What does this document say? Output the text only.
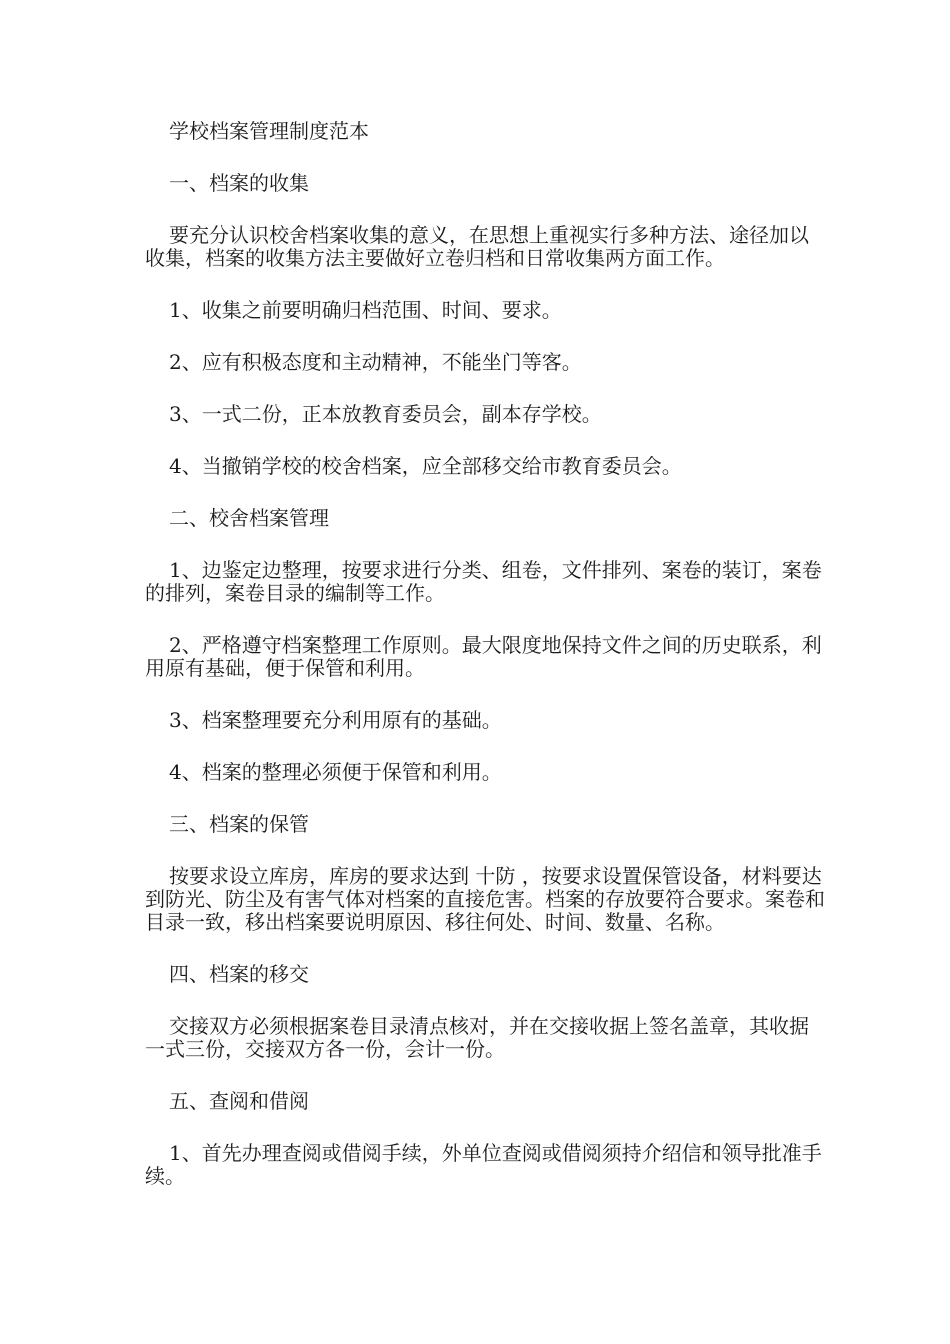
学校档案管理制度范本

一、档案的收集

要充分认识校舍档案收集的意义，在思想上重视实行多种方法、途径加以收集，档案的收集方法主要做好立卷归档和日常收集两方面工作。

1、收集之前要明确归档范围、时间、要求。

2、应有积极态度和主动精神，不能坐门等客。

3、一式二份，正本放教育委员会，副本存学校。

4、当撤销学校的校舍档案，应全部移交给市教育委员会。

二、校舍档案管理

1、边鉴定边整理，按要求进行分类、组卷，文件排列、案卷的装订，案卷的排列，案卷目录的编制等工作。

2、严格遵守档案整理工作原则。最大限度地保持文件之间的历史联系，利用原有基础，便于保管和利用。

3、档案整理要充分利用原有的基础。

4、档案的整理必须便于保管和利用。

三、档案的保管

按要求设立库房，库房的要求达到 十防 ，按要求设置保管设备，材料要达到防光、防尘及有害气体对档案的直接危害。档案的存放要符合要求。案卷和目录一致，移出档案要说明原因、移往何处、时间、数量、名称。

四、档案的移交

交接双方必须根据案卷目录清点核对，并在交接收据上签名盖章，其收据一式三份，交接双方各一份，会计一份。

五、查阅和借阅

1、首先办理查阅或借阅手续，外单位查阅或借阅须持介绍信和领导批准手续。
